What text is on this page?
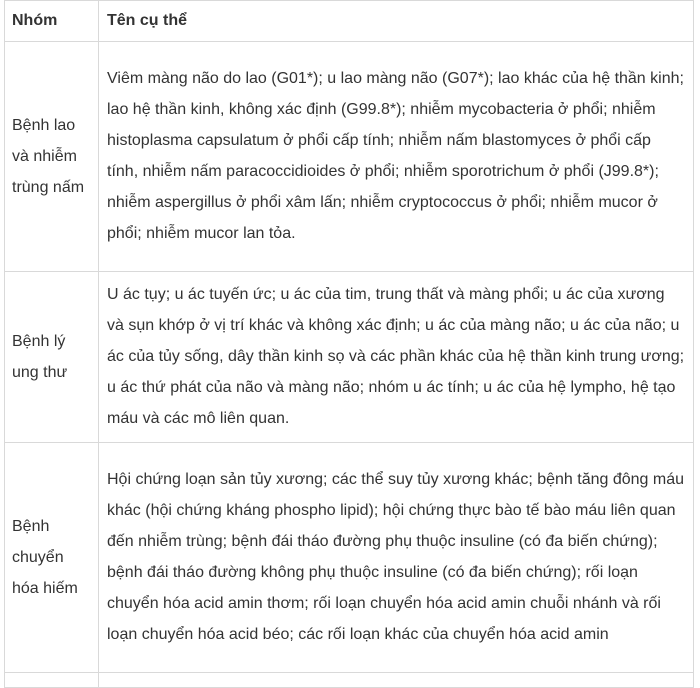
Nhóm	Tên cụ thể
Bệnh lao và nhiễm trùng nấm	Viêm màng não do lao (G01*); u lao màng não (G07*); lao khác của hệ thần kinh; lao hệ thần kinh, không xác định (G99.8*); nhiễm mycobacteria ở phổi; nhiễm histoplasma capsulatum ở phổi cấp tính; nhiễm nấm blastomyces ở phổi cấp tính, nhiễm nấm paracoccidioides ở phổi; nhiễm sporotrichum ở phổi (J99.8*); nhiễm aspergillus ở phổi xâm lấn; nhiễm cryptococcus ở phổi; nhiễm mucor ở phổi; nhiễm mucor lan tỏa.
Bệnh lý ung thư	U ác tụy; u ác tuyến ức; u ác của tim, trung thất và màng phổi; u ác của xương và sụn khớp ở vị trí khác và không xác định; u ác của màng não; u ác của não; u ác của tủy sống, dây thần kinh sọ và các phần khác của hệ thần kinh trung ương; u ác thứ phát của não và màng não; nhóm u ác tính; u ác của hệ lympho, hệ tạo máu và các mô liên quan.
Bệnh chuyển hóa hiếm	Hội chứng loạn sản tủy xương; các thể suy tủy xương khác; bệnh tăng đông máu khác (hội chứng kháng phospho lipid); hội chứng thực bào tế bào máu liên quan đến nhiễm trùng; bệnh đái tháo đường phụ thuộc insuline (có đa biến chứng); bệnh đái tháo đường không phụ thuộc insuline (có đa biến chứng); rối loạn chuyển hóa acid amin thơm; rối loạn chuyển hóa acid amin chuỗi nhánh và rối loạn chuyển hóa acid béo; các rối loạn khác của chuyển hóa acid amin
